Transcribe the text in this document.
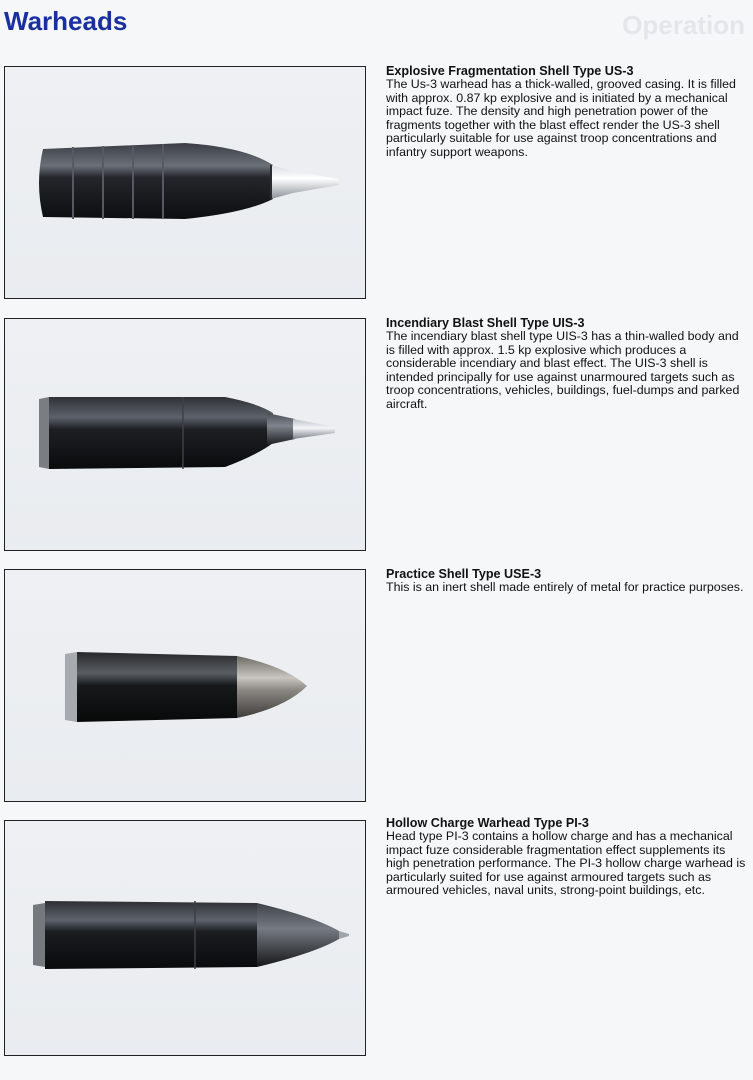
Warheads	Operation
Explosive Fragmentation Shell Type US-3

The Us-3 warhead has a thick-walled, grooved casing. It is filled with approx. 0.87 kp explosive and is initiated by a mechanical impact fuze. The density and high penetration power of the fragments together with the blast effect render the US-3 shell particularly suitable for use against troop concentrations and infantry support weapons.

Incendiary Blast Shell Type UIS-3

The incendiary blast shell type UIS-3 has a thin-walled body and is filled with approx. 1.5 kp explosive which produces a considerable incendiary and blast effect. The UIS-3 shell is intended principally for use against unarmoured targets such as troop concentrations, vehicles, buildings, fuel-dumps and parked aircraft.

Practice Shell Type USE-3

This is an inert shell made entirely of metal for practice purposes.

Hollow Charge Warhead Type PI-3

Head type PI-3 contains a hollow charge and has a mechanical impact fuze considerable fragmentation effect supplements its high penetration performance. The PI-3 hollow charge warhead is particularly suited for use against armoured targets such as armoured vehicles, naval units, strong-point buildings, etc.
